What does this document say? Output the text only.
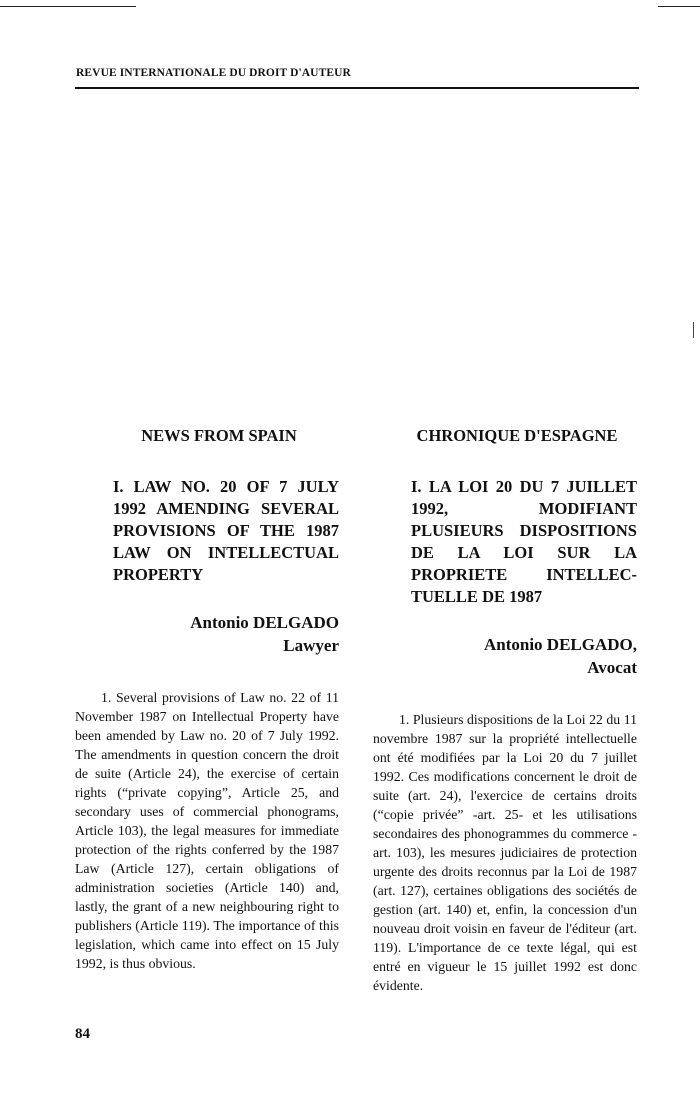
REVUE INTERNATIONALE DU DROIT D'AUTEUR
NEWS FROM SPAIN
I. LAW NO. 20 OF 7 JULY 1992 AMENDING SEVERAL PROVISIONS OF THE 1987 LAW ON INTELLECTUAL PROPERTY
Antonio DELGADO
Lawyer

1. Several provisions of Law no. 22 of 11 November 1987 on Intellectual Property have been amended by Law no. 20 of 7 July 1992. The amendments in question concern the droit de suite (Article 24), the exercise of certain rights (“private copying”, Article 25, and secondary uses of commercial phonograms, Article 103), the legal measures for immediate protection of the rights conferred by the 1987 Law (Article 127), certain obligations of administration societies (Article 140) and, lastly, the grant of a new neighbouring right to publishers (Article 119). The importance of this legislation, which came into effect on 15 July 1992, is thus obvious.

CHRONIQUE D'ESPAGNE
I. LA LOI 20 DU 7 JUILLET 1992, MODIFIANT PLUSIEURS DISPOSITIONS DE LA LOI SUR LA PROPRIETE INTELLEC-TUELLE DE 1987
Antonio DELGADO,
Avocat

1. Plusieurs dispositions de la Loi 22 du 11 novembre 1987 sur la propriété intellectuelle ont été modifiées par la Loi 20 du 7 juillet 1992. Ces modifications concernent le droit de suite (art. 24), l'exercice de certains droits (“copie privée” -art. 25- et les utilisations secondaires des phonogrammes du commerce -art. 103), les mesures judiciaires de protection urgente des droits reconnus par la Loi de 1987 (art. 127), certaines obligations des sociétés de gestion (art. 140) et, enfin, la concession d'un nouveau droit voisin en faveur de l'éditeur (art. 119). L'importance de ce texte légal, qui est entré en vigueur le 15 juillet 1992 est donc évidente.

84
